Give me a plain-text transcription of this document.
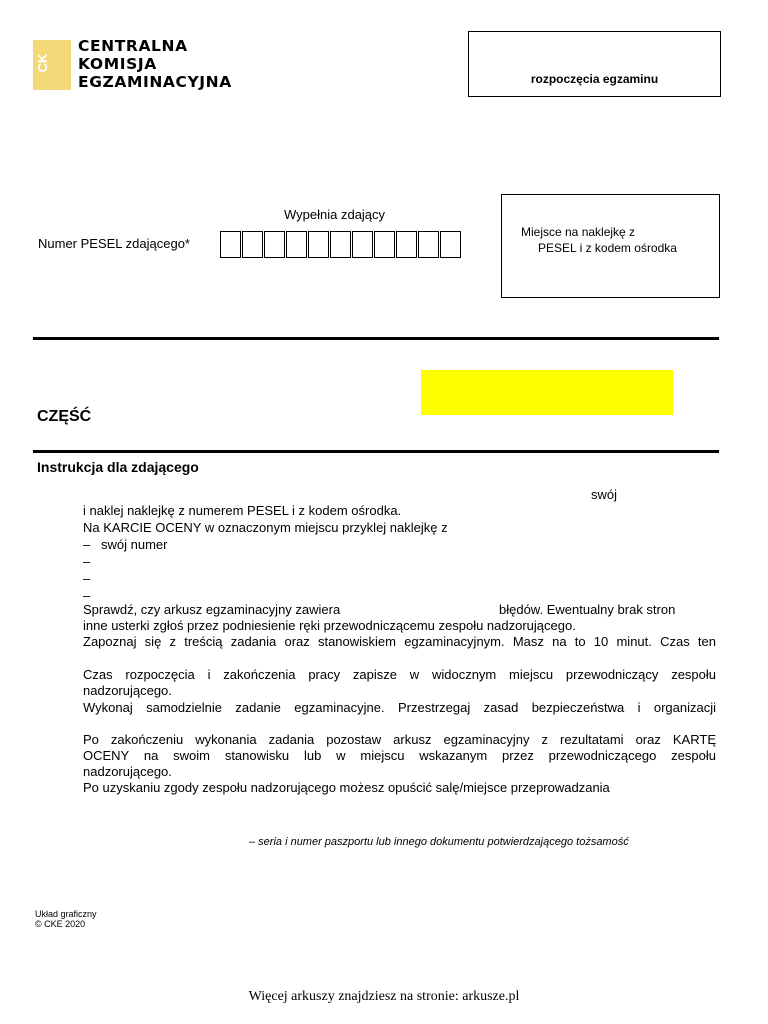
CK
CENTRALNA
KOMISJA
EGZAMINACYJNA	rozpoczęcia egzaminu
Wypełnia zdający
Numer PESEL zdającego*
Miejsce na naklejkę z
PESEL i z kodem ośrodka
CZĘŚĆ
Instrukcja dla zdającego
swój
i naklej naklejkę z numerem PESEL i z kodem ośrodka.
Na KARCIE OCENY w oznaczonym miejscu przyklej naklejkę z
– swój numer
–
–
–
Sprawdź, czy arkusz egzaminacyjny zawiera	błędów. Ewentualny brak stron
inne usterki zgłoś przez podniesienie ręki przewodniczącemu zespołu nadzorującego.
Zapoznaj się z treścią zadania oraz stanowiskiem egzaminacyjnym. Masz na to 10 minut. Czas ten
Czas rozpoczęcia i zakończenia pracy zapisze w widocznym miejscu przewodniczący zespołu
nadzorującego.
Wykonaj samodzielnie zadanie egzaminacyjne. Przestrzegaj zasad bezpieczeństwa i organizacji
Po zakończeniu wykonania zadania pozostaw arkusz egzaminacyjny z rezultatami oraz KARTĘ
OCENY na swoim stanowisku lub w miejscu wskazanym przez przewodniczącego zespołu
nadzorującego.
Po uzyskaniu zgody zespołu nadzorującego możesz opuścić salę/miejsce przeprowadzania
– seria i numer paszportu lub innego dokumentu potwierdzającego tożsamość
Układ graficzny
© CKE 2020
Więcej arkuszy znajdziesz na stronie: arkusze.pl
